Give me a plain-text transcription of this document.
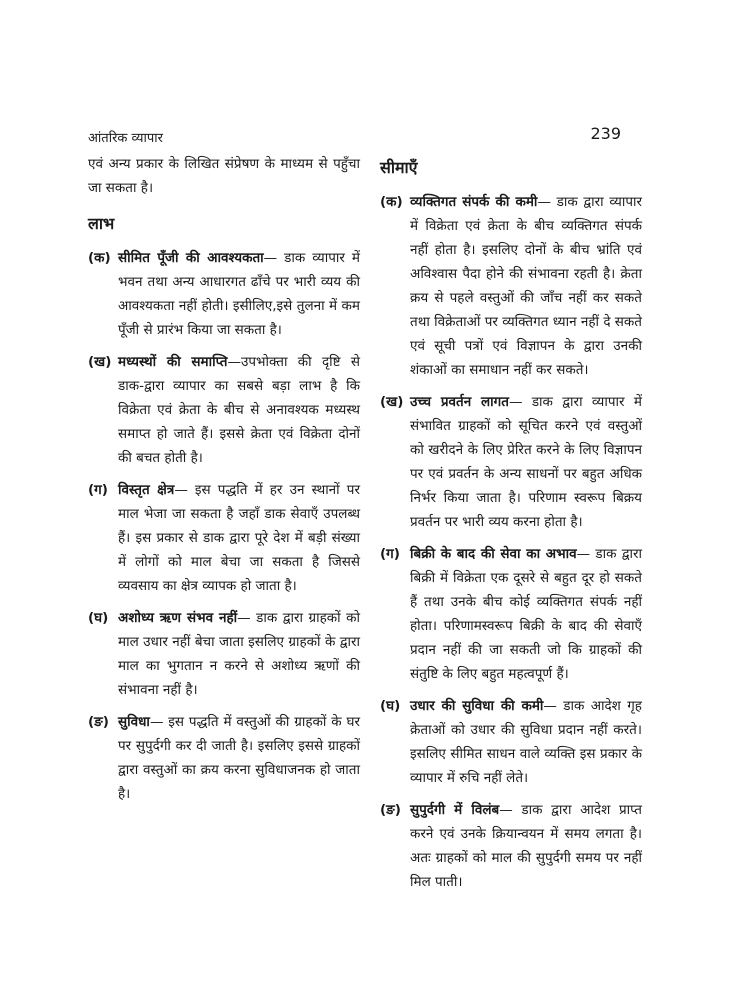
आंतरिक व्यापार	239

एवं अन्य प्रकार के लिखित संप्रेषण के माध्यम से पहुँचा जा सकता है।

लाभ
(क) सीमित पूँजी की आवश्यकता— डाक व्यापार में भवन तथा अन्य आधारगत ढाँचे पर भारी व्यय की आवश्यकता नहीं होती। इसीलिए,इसे तुलना में कम पूँजी से प्रारंभ किया जा सकता है।
(ख) मध्यस्थों की समाप्ति—उपभोक्ता की दृष्टि से डाक-द्वारा व्यापार का सबसे बड़ा लाभ है कि विक्रेता एवं क्रेता के बीच से अनावश्यक मध्यस्थ समाप्त हो जाते हैं। इससे क्रेता एवं विक्रेता दोनों की बचत होती है।
(ग) विस्तृत क्षेत्र— इस पद्धति में हर उन स्थानों पर माल भेजा जा सकता है जहाँ डाक सेवाएँ उपलब्ध हैं। इस प्रकार से डाक द्वारा पूरे देश में बड़ी संख्या में लोगों को माल बेचा जा सकता है जिससे व्यवसाय का क्षेत्र व्यापक हो जाता है।
(घ) अशोध्य ऋण संभव नहीं— डाक द्वारा ग्राहकों को माल उधार नहीं बेचा जाता इसलिए ग्राहकों के द्वारा माल का भुगतान न करने से अशोध्य ऋणों की संभावना नहीं है।
(ङ) सुविधा— इस पद्धति में वस्तुओं की ग्राहकों के घर पर सुपुर्दगी कर दी जाती है। इसलिए इससे ग्राहकों द्वारा वस्तुओं का क्रय करना सुविधाजनक हो जाता है।
सीमाएँ
(क) व्यक्तिगत संपर्क की कमी— डाक द्वारा व्यापार में विक्रेता एवं क्रेता के बीच व्यक्तिगत संपर्क नहीं होता है। इसलिए दोनों के बीच भ्रांति एवं अविश्वास पैदा होने की संभावना रहती है। क्रेता क्रय से पहले वस्तुओं की जाँच नहीं कर सकते तथा विक्रेताओं पर व्यक्तिगत ध्यान नहीं दे सकते एवं सूची पत्रों एवं विज्ञापन के द्वारा उनकी शंकाओं का समाधान नहीं कर सकते।
(ख) उच्च प्रवर्तन लागत— डाक द्वारा व्यापार में संभावित ग्राहकों को सूचित करने एवं वस्तुओं को खरीदने के लिए प्रेरित करने के लिए विज्ञापन पर एवं प्रवर्तन के अन्य साधनों पर बहुत अधिक निर्भर किया जाता है। परिणाम स्वरूप बिक्रय प्रवर्तन पर भारी व्यय करना होता है।
(ग) बिक्री के बाद की सेवा का अभाव— डाक द्वारा बिक्री में विक्रेता एक दूसरे से बहुत दूर हो सकते हैं तथा उनके बीच कोई व्यक्तिगत संपर्क नहीं होता। परिणामस्वरूप बिक्री के बाद की सेवाएँ प्रदान नहीं की जा सकती जो कि ग्राहकों की संतुष्टि के लिए बहुत महत्वपूर्ण हैं।
(घ) उधार की सुविधा की कमी— डाक आदेश गृह क्रेताओं को उधार की सुविधा प्रदान नहीं करते। इसलिए सीमित साधन वाले व्यक्ति इस प्रकार के व्यापार में रुचि नहीं लेते।
(ङ) सुपुर्दगी में विलंब— डाक द्वारा आदेश प्राप्त करने एवं उनके क्रियान्वयन में समय लगता है। अतः ग्राहकों को माल की सुपुर्दगी समय पर नहीं मिल पाती।
